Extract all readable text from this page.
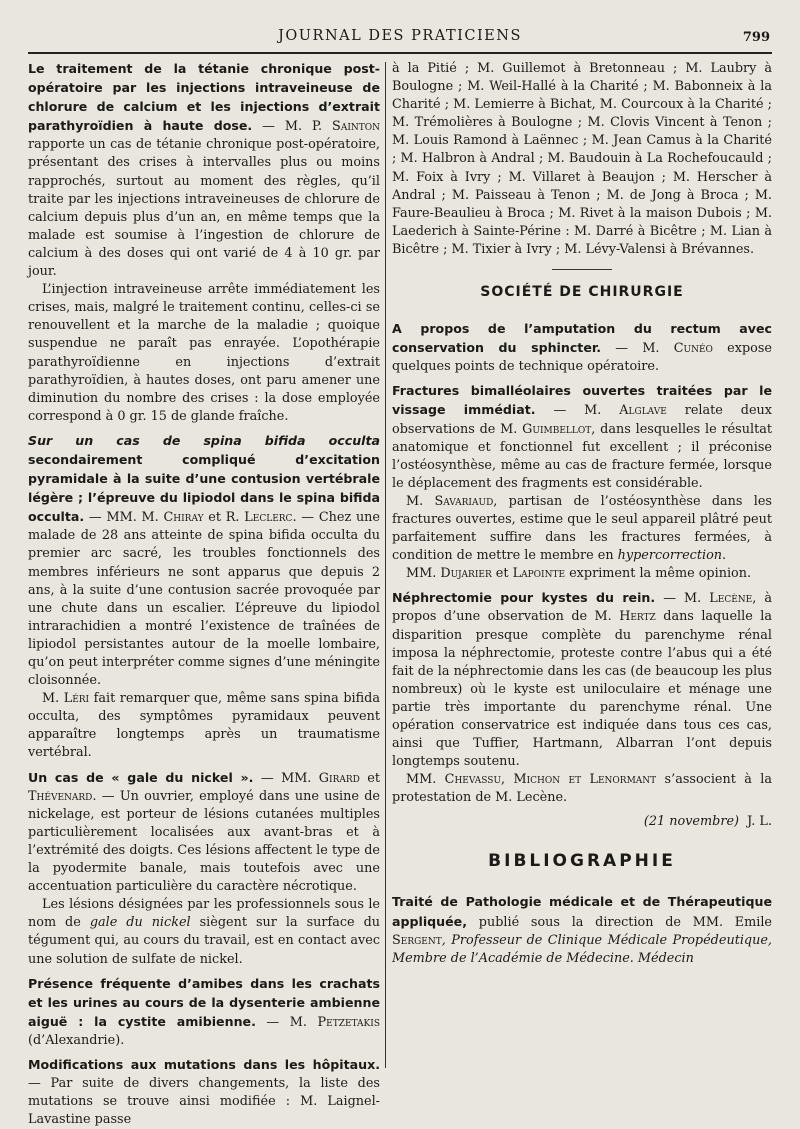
JOURNAL DES PRATICIENS	799

Le traitement de la tétanie chronique post-opératoire par les injections intraveineuse de chlorure de calcium et les injections d’extrait parathyroïdien à haute dose. — M. P. Sainton rapporte un cas de tétanie chronique post-opératoire, présentant des crises à intervalles plus ou moins rapprochés, surtout au moment des règles, qu’il traite par les injections intraveineuses de chlorure de calcium depuis plus d’un an, en même temps que la malade est soumise à l’ingestion de chlorure de calcium à des doses qui ont varié de 4 à 10 gr. par jour.

L’injection intraveineuse arrête immédiatement les crises, mais, malgré le traitement continu, celles-ci se renouvellent et la marche de la maladie ; quoique suspendue ne paraît pas enrayée. L’opothérapie parathyroïdienne en injections d’extrait parathyroïdien, à hautes doses, ont paru amener une diminution du nombre des crises : la dose employée correspond à 0 gr. 15 de glande fraîche.

Sur un cas de spina bifida occulta secondairement compliqué d’excitation pyramidale à la suite d’une contusion vertébrale légère ; l’épreuve du lipiodol dans le spina bifida occulta. — MM. M. Chiray et R. Leclerc. — Chez une malade de 28 ans atteinte de spina bifida occulta du premier arc sacré, les troubles fonctionnels des membres inférieurs ne sont apparus que depuis 2 ans, à la suite d’une contusion sacrée provoquée par une chute dans un escalier. L’épreuve du lipiodol intrarachidien a montré l’existence de traînées de lipiodol persistantes autour de la moelle lombaire, qu’on peut interpréter comme signes d’une méningite cloisonnée.

M. Léri fait remarquer que, même sans spina bifida occulta, des symptômes pyramidaux peuvent apparaître longtemps après un traumatisme vertébral.

Un cas de « gale du nickel ». — MM. Girard et Thévenard. — Un ouvrier, employé dans une usine de nickelage, est porteur de lésions cutanées multiples particulièrement localisées aux avant-bras et à l’extrémité des doigts. Ces lésions affectent le type de la pyodermite banale, mais toutefois avec une accentuation particulière du caractère nécrotique.

Les lésions désignées par les professionnels sous le nom de gale du nickel siègent sur la surface du tégument qui, au cours du travail, est en contact avec une solution de sulfate de nickel.

Présence fréquente d’amibes dans les crachats et les urines au cours de la dysenterie ambienne aiguë : la cystite amibienne. — M. Petzetakis (d’Alexandrie).

Modifications aux mutations dans les hôpitaux. — Par suite de divers changements, la liste des mutations se trouve ainsi modifiée : M. Laignel-Lavastine passe

à la Pitié ; M. Guillemot à Bretonneau ; M. Laubry à Boulogne ; M. Weil-Hallé à la Charité ; M. Babonneix à la Charité ; M. Lemierre à Bichat, M. Courcoux à la Charité ; M. Trémolières à Boulogne ; M. Clovis Vincent à Tenon ; M. Louis Ramond à Laënnec ; M. Jean Camus à la Charité ; M. Halbron à Andral ; M. Baudouin à La Rochefoucauld ; M. Foix à Ivry ; M. Villaret à Beaujon ; M. Herscher à Andral ; M. Paisseau à Tenon ; M. de Jong à Broca ; M. Faure-Beaulieu à Broca ; M. Rivet à la maison Dubois ; M. Laederich à Sainte-Périne : M. Darré à Bicêtre ; M. Lian à Bicêtre ; M. Tixier à Ivry ; M. Lévy-Valensi à Brévannes.

SOCIÉTÉ DE CHIRURGIE

A propos de l’amputation du rectum avec conservation du sphincter. — M. Cunéo expose quelques points de technique opératoire.

Fractures bimalléolaires ouvertes traitées par le vissage immédiat. — M. Alglave relate deux observations de M. Guimbellot, dans lesquelles le résultat anatomique et fonctionnel fut excellent ; il préconise l’ostéosynthèse, même au cas de fracture fermée, lorsque le déplacement des fragments est considérable.

M. Savariaud, partisan de l’ostéosynthèse dans les fractures ouvertes, estime que le seul appareil plâtré peut parfaitement suffire dans les fractures fermées, à condition de mettre le membre en hypercorrection.

MM. Dujarier et Lapointe expriment la même opinion.

Néphrectomie pour kystes du rein. — M. Lecène, à propos d’une observation de M. Hertz dans laquelle la disparition presque complète du parenchyme rénal imposa la néphrectomie, proteste contre l’abus qui a été fait de la néphrectomie dans les cas (de beaucoup les plus nombreux) où le kyste est uniloculaire et ménage une partie très importante du parenchyme rénal. Une opération conservatrice est indiquée dans tous ces cas, ainsi que Tuffier, Hartmann, Albarran l’ont depuis longtemps soutenu.

MM. Chevassu, Michon et Lenormant s’associent à la protestation de M. Lecène.

(21 novembre) J. L.
BIBLIOGRAPHIE

Traité de Pathologie médicale et de Thérapeutique appliquée, publié sous la direction de MM. Emile Sergent, Professeur de Clinique Médicale Propédeutique, Membre de l’Académie de Médecine. Médecin
